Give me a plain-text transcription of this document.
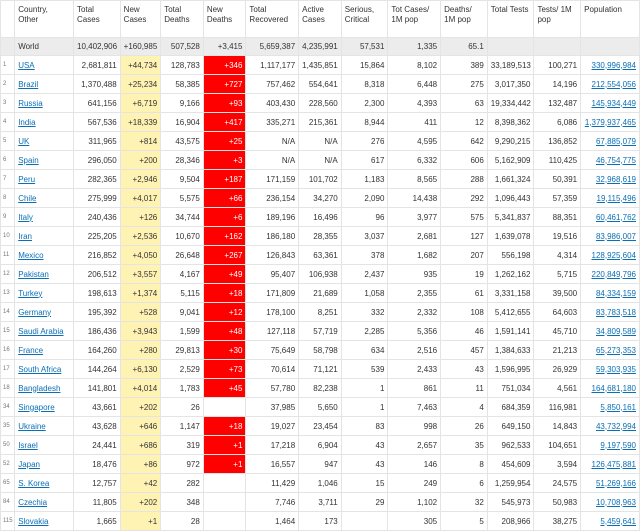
	Country, Other	Total Cases	New Cases	Total Deaths	New Deaths	Total Recovered	Active Cases	Serious, Critical	Tot Cases/ 1M pop	Deaths/ 1M pop	Total Tests	Tests/ 1M pop	Population
	World	10,402,906	+160,985	507,528	+3,415	5,659,387	4,235,991	57,531	1,335	65.1			
1	USA	2,681,811	+44,734	128,783	+346	1,117,177	1,435,851	15,864	8,102	389	33,189,513	100,271	330,996,984
2	Brazil	1,370,488	+25,234	58,385	+727	757,462	554,641	8,318	6,448	275	3,017,350	14,196	212,554,056
3	Russia	641,156	+6,719	9,166	+93	403,430	228,560	2,300	4,393	63	19,334,442	132,487	145,934,449
4	India	567,536	+18,339	16,904	+417	335,271	215,361	8,944	411	12	8,398,362	6,086	1,379,937,465
5	UK	311,965	+814	43,575	+25	N/A	N/A	276	4,595	642	9,290,215	136,852	67,885,079
6	Spain	296,050	+200	28,346	+3	N/A	N/A	617	6,332	606	5,162,909	110,425	46,754,775
7	Peru	282,365	+2,946	9,504	+187	171,159	101,702	1,183	8,565	288	1,661,324	50,391	32,968,619
8	Chile	275,999	+4,017	5,575	+66	236,154	34,270	2,090	14,438	292	1,096,443	57,359	19,115,496
9	Italy	240,436	+126	34,744	+6	189,196	16,496	96	3,977	575	5,341,837	88,351	60,461,762
10	Iran	225,205	+2,536	10,670	+162	186,180	28,355	3,037	2,681	127	1,639,078	19,516	83,986,007
11	Mexico	216,852	+4,050	26,648	+267	126,843	63,361	378	1,682	207	556,198	4,314	128,925,604
12	Pakistan	206,512	+3,557	4,167	+49	95,407	106,938	2,437	935	19	1,262,162	5,715	220,849,796
13	Turkey	198,613	+1,374	5,115	+18	171,809	21,689	1,058	2,355	61	3,331,158	39,500	84,334,159
14	Germany	195,392	+528	9,041	+12	178,100	8,251	332	2,332	108	5,412,655	64,603	83,783,518
15	Saudi Arabia	186,436	+3,943	1,599	+48	127,118	57,719	2,285	5,356	46	1,591,141	45,710	34,809,589
16	France	164,260	+280	29,813	+30	75,649	58,798	634	2,516	457	1,384,633	21,213	65,273,353
17	South Africa	144,264	+6,130	2,529	+73	70,614	71,121	539	2,433	43	1,596,995	26,929	59,303,935
18	Bangladesh	141,801	+4,014	1,783	+45	57,780	82,238	1	861	11	751,034	4,561	164,681,180
34	Singapore	43,661	+202	26		37,985	5,650	1	7,463	4	684,359	116,981	5,850,161
35	Ukraine	43,628	+646	1,147	+18	19,027	23,454	83	998	26	649,150	14,843	43,732,994
50	Israel	24,441	+686	319	+1	17,218	6,904	43	2,657	35	962,533	104,651	9,197,590
52	Japan	18,476	+86	972	+1	16,557	947	43	146	8	454,609	3,594	126,475,881
65	S. Korea	12,757	+42	282		11,429	1,046	15	249	6	1,259,954	24,575	51,269,166
84	Czechia	11,805	+202	348		7,746	3,711	29	1,102	32	545,973	50,983	10,708,963
115	Slovakia	1,665	+1	28		1,464	173		305	5	208,966	38,275	5,459,641
